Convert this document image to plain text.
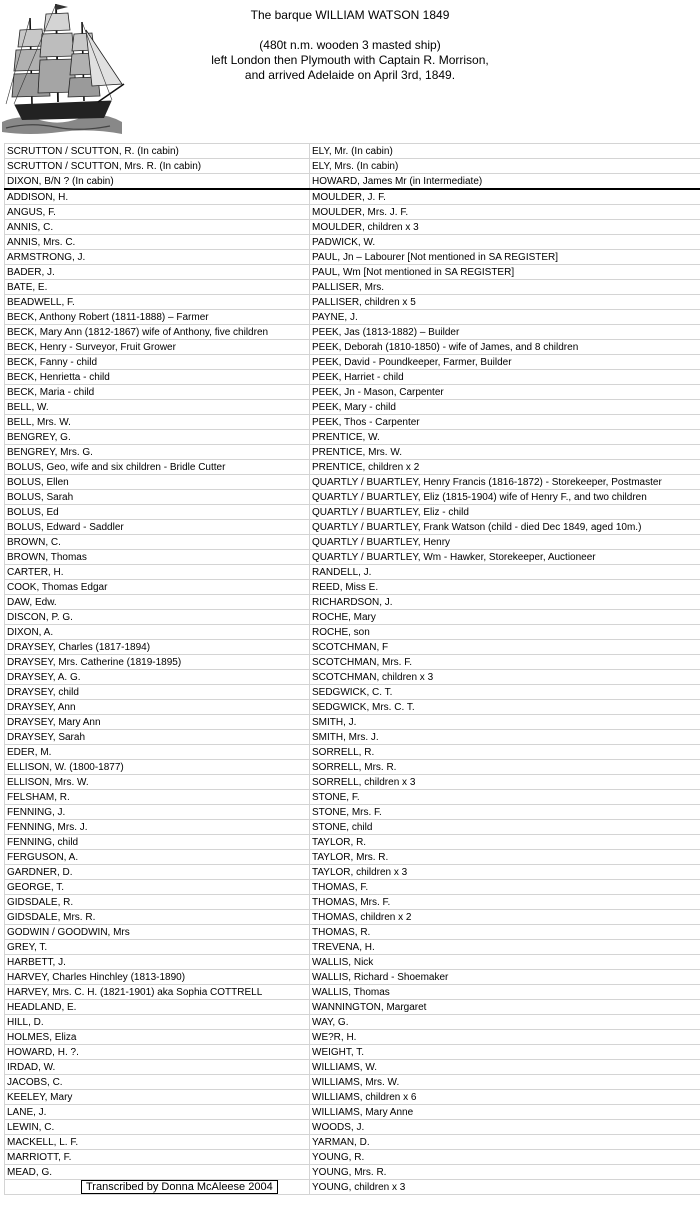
The barque WILLIAM WATSON 1849
(480t n.m. wooden 3 masted ship)
left London then Plymouth with Captain R. Morrison,
and arrived Adelaide on April 3rd, 1849.
SCRUTTON / SCUTTON, R. (In cabin)	ELY, Mr. (In cabin)
SCRUTTON / SCUTTON, Mrs. R. (In cabin)	ELY, Mrs. (In cabin)
DIXON, B/N ? (In cabin)	HOWARD, James Mr (in Intermediate)
ADDISON, H.	MOULDER, J. F.
ANGUS, F.	MOULDER, Mrs. J. F.
ANNIS, C.	MOULDER, children x 3
ANNIS, Mrs. C.	PADWICK, W.
ARMSTRONG, J.	PAUL, Jn – Labourer [Not mentioned in SA REGISTER]
BADER, J.	PAUL, Wm [Not mentioned in SA REGISTER]
BATE, E.	PALLISER, Mrs.
BEADWELL, F.	PALLISER, children x 5
BECK, Anthony Robert (1811-1888) – Farmer	PAYNE, J.
BECK, Mary Ann (1812-1867) wife of Anthony, five children	PEEK, Jas (1813-1882) – Builder
BECK, Henry - Surveyor, Fruit Grower	PEEK, Deborah (1810-1850) - wife of James, and 8 children
BECK, Fanny - child	PEEK, David - Poundkeeper, Farmer, Builder
BECK, Henrietta - child	PEEK, Harriet - child
BECK, Maria - child	PEEK, Jn - Mason, Carpenter
BELL, W.	PEEK, Mary - child
BELL, Mrs. W.	PEEK, Thos - Carpenter
BENGREY, G.	PRENTICE, W.
BENGREY, Mrs. G.	PRENTICE, Mrs. W.
BOLUS, Geo, wife and six children - Bridle Cutter	PRENTICE, children x 2
BOLUS, Ellen	QUARTLY / BUARTLEY, Henry Francis (1816-1872) - Storekeeper, Postmaster
BOLUS, Sarah	QUARTLY / BUARTLEY, Eliz (1815-1904) wife of Henry F., and two children
BOLUS, Ed	QUARTLY / BUARTLEY, Eliz - child
BOLUS, Edward - Saddler	QUARTLY / BUARTLEY, Frank Watson (child - died Dec 1849, aged 10m.)
BROWN, C.	QUARTLY / BUARTLEY, Henry
BROWN, Thomas	QUARTLY / BUARTLEY, Wm - Hawker, Storekeeper, Auctioneer
CARTER, H.	RANDELL, J.
COOK, Thomas Edgar	REED, Miss E.
DAW, Edw.	RICHARDSON, J.
DISCON, P. G.	ROCHE, Mary
DIXON, A.	ROCHE, son
DRAYSEY, Charles (1817-1894)	SCOTCHMAN, F
DRAYSEY, Mrs. Catherine (1819-1895)	SCOTCHMAN, Mrs. F.
DRAYSEY, A. G.	SCOTCHMAN, children x 3
DRAYSEY, child	SEDGWICK, C. T.
DRAYSEY, Ann	SEDGWICK, Mrs. C. T.
DRAYSEY, Mary Ann	SMITH, J.
DRAYSEY, Sarah	SMITH, Mrs. J.
EDER, M.	SORRELL, R.
ELLISON, W. (1800-1877)	SORRELL, Mrs. R.
ELLISON, Mrs. W.	SORRELL, children x 3
FELSHAM, R.	STONE, F.
FENNING, J.	STONE, Mrs. F.
FENNING, Mrs. J.	STONE, child
FENNING, child	TAYLOR, R.
FERGUSON, A.	TAYLOR, Mrs. R.
GARDNER, D.	TAYLOR, children x 3
GEORGE, T.	THOMAS, F.
GIDSDALE, R.	THOMAS, Mrs. F.
GIDSDALE, Mrs. R.	THOMAS, children x 2
GODWIN / GOODWIN, Mrs	THOMAS, R.
GREY, T.	TREVENA, H.
HARBETT, J.	WALLIS, Nick
HARVEY, Charles Hinchley (1813-1890)	WALLIS, Richard - Shoemaker
HARVEY, Mrs. C. H. (1821-1901) aka Sophia COTTRELL	WALLIS, Thomas
HEADLAND, E.	WANNINGTON, Margaret
HILL, D.	WAY, G.
HOLMES, Eliza	WE?R, H.
HOWARD, H. ?.	WEIGHT, T.
IRDAD, W.	WILLIAMS, W.
JACOBS, C.	WILLIAMS, Mrs. W.
KEELEY, Mary	WILLIAMS, children x 6
LANE, J.	WILLIAMS, Mary Anne
LEWIN, C.	WOODS, J.
MACKELL, L. F.	YARMAN, D.
MARRIOTT, F.	YOUNG, R.
MEAD, G.	YOUNG, Mrs. R.
Transcribed by Donna McAleese 2004	YOUNG, children x 3
